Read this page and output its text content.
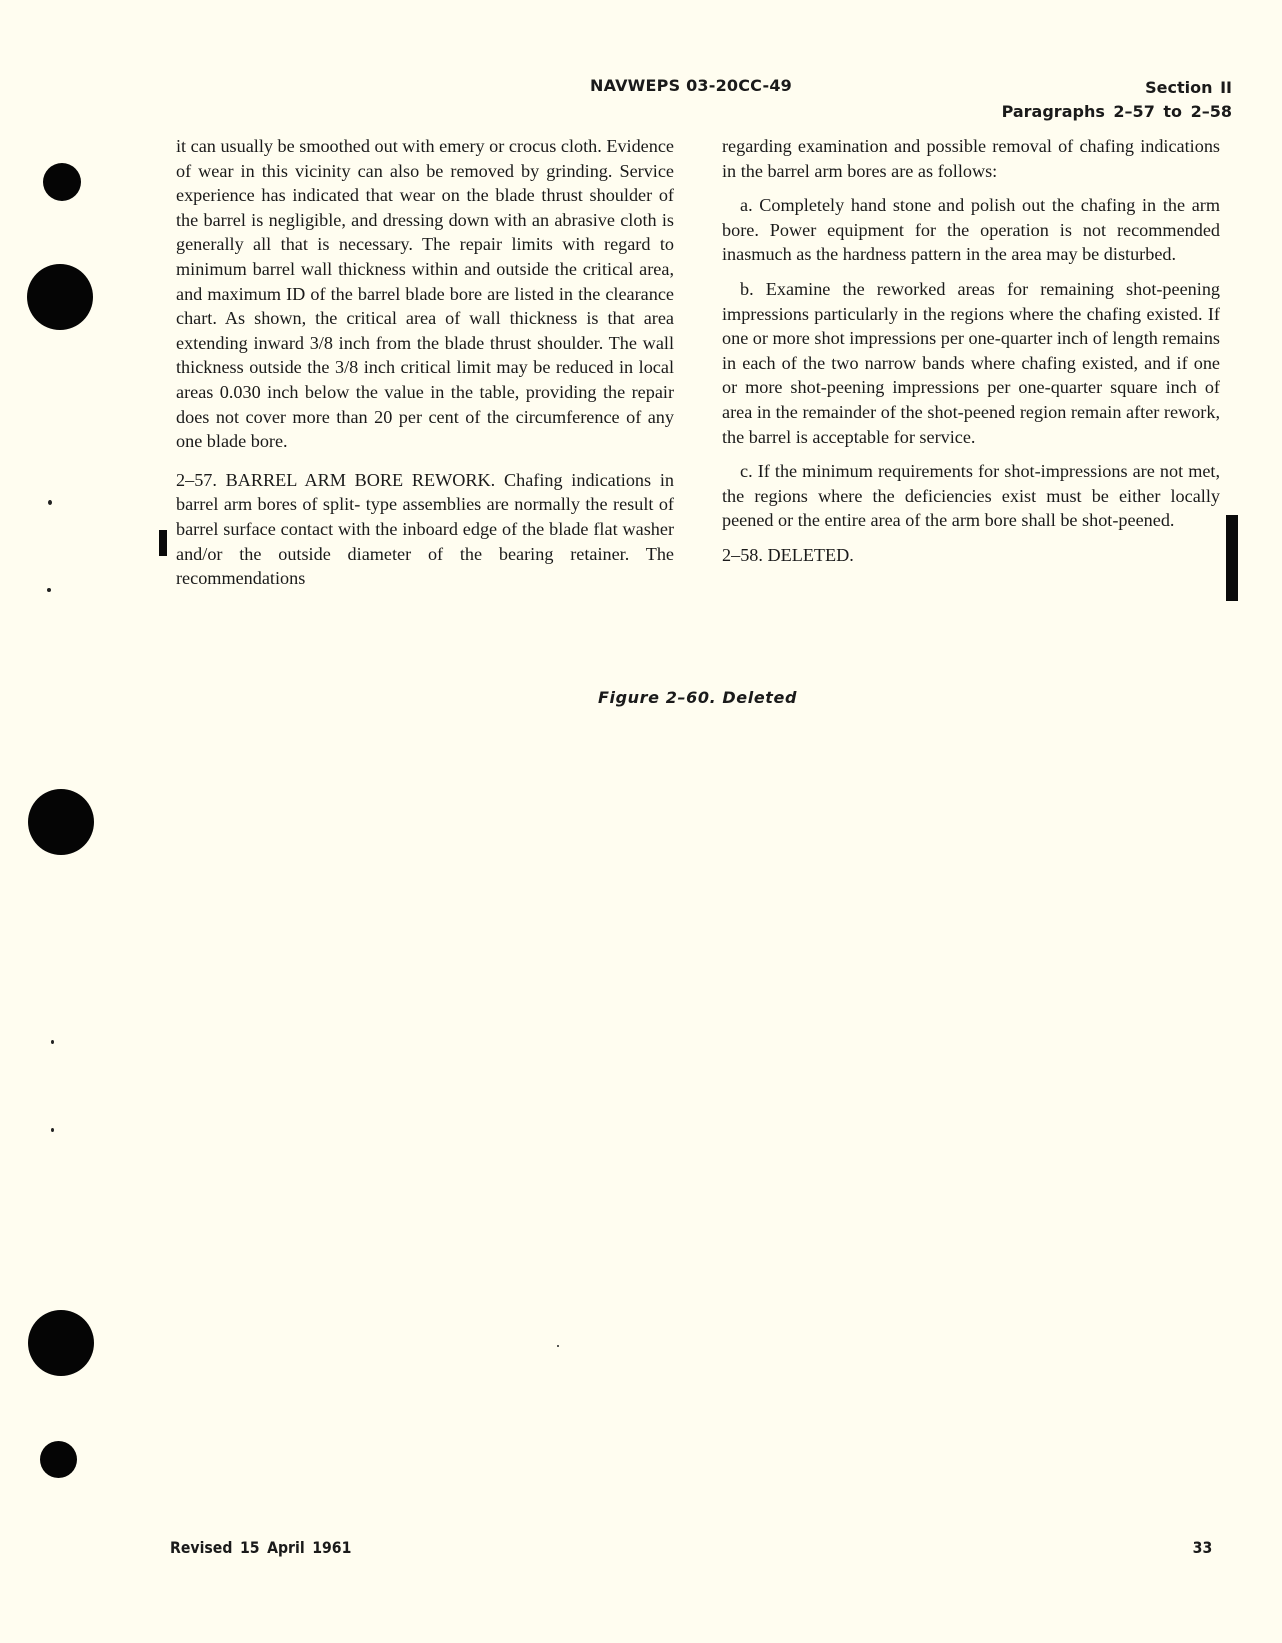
NAVWEPS 03-20CC-49	Section II
Paragraphs 2–57 to 2–58

it can usually be smoothed out with emery or crocus cloth. Evidence of wear in this vicinity can also be removed by grinding. Service experience has indicated that wear on the blade thrust shoulder of the barrel is negligible, and dressing down with an abrasive cloth is generally all that is necessary. The repair limits with regard to minimum barrel wall thickness within and outside the critical area, and maximum ID of the barrel blade bore are listed in the clearance chart. As shown, the critical area of wall thickness is that area extending inward 3/8 inch from the blade thrust shoulder. The wall thickness outside the 3/8 inch critical limit may be reduced in local areas 0.030 inch below the value in the table, providing the repair does not cover more than 20 per cent of the circumference of any one blade bore.

2–57. BARREL ARM BORE REWORK. Chafing indications in barrel arm bores of split- type assemblies are normally the result of barrel surface contact with the inboard edge of the blade flat washer and/or the outside diameter of the bearing retainer. The recommendations

regarding examination and possible removal of chafing indications in the barrel arm bores are as follows:

a. Completely hand stone and polish out the chafing in the arm bore. Power equipment for the operation is not recommended inasmuch as the hardness pattern in the area may be disturbed.

b. Examine the reworked areas for remaining shot-peening impressions particularly in the regions where the chafing existed. If one or more shot impressions per one-quarter inch of length remains in each of the two narrow bands where chafing existed, and if one or more shot-peening impressions per one-quarter square inch of area in the remainder of the shot-peened region remain after rework, the barrel is acceptable for service.

c. If the minimum requirements for shot-impressions are not met, the regions where the deficiencies exist must be either locally peened or the entire area of the arm bore shall be shot-peened.

2–58. DELETED.

Figure 2–60. Deleted
Revised 15 April 1961	33
